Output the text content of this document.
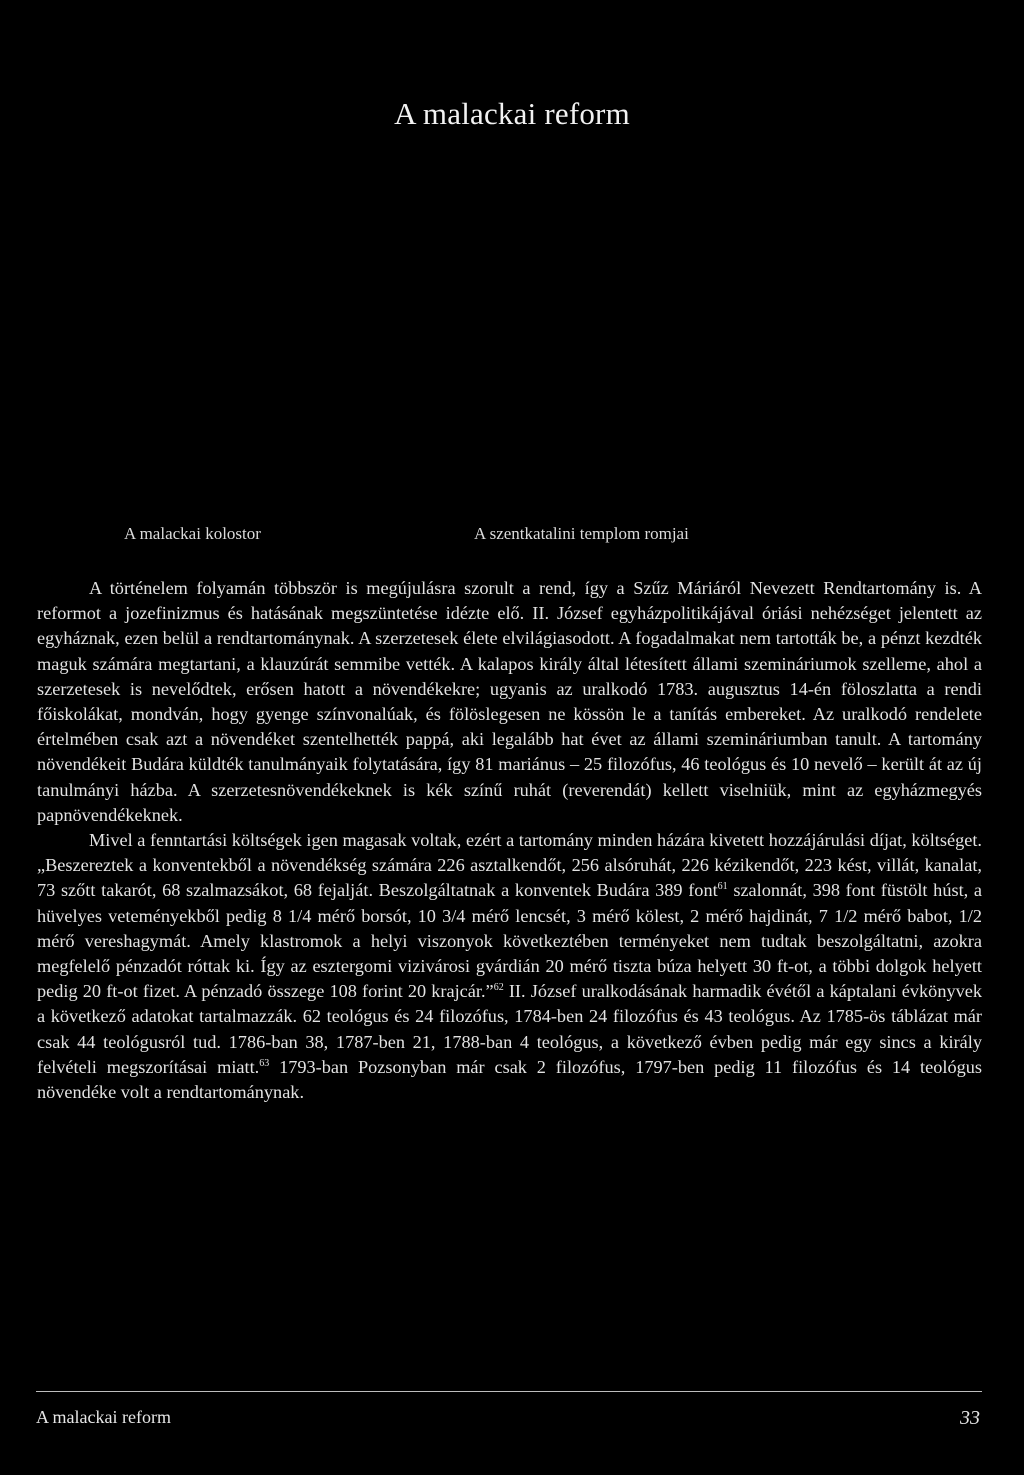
A malackai reform
A malackai kolostor	A szentkatalini templom romjai

A történelem folyamán többször is megújulásra szorult a rend, így a Szűz Máriáról Nevezett Rendtartomány is. A reformot a jozefinizmus és hatásának megszüntetése idézte elő. II. József egyházpolitikájával óriási nehézséget jelentett az egyháznak, ezen belül a rendtartománynak. A szerzetesek élete elvilágiasodott. A fogadalmakat nem tartották be, a pénzt kezdték maguk számára megtartani, a klauzúrát semmibe vették. A kalapos király által létesített állami szemináriumok szelleme, ahol a szerzetesek is nevelődtek, erősen hatott a növendékekre; ugyanis az uralkodó 1783. augusztus 14-én föloszlatta a rendi főiskolákat, mondván, hogy gyenge színvonalúak, és fölöslegesen ne kössön le a tanítás embereket. Az uralkodó rendelete értelmében csak azt a növendéket szentelhették pappá, aki legalább hat évet az állami szemináriumban tanult. A tartomány növendékeit Budára küldték tanulmányaik folytatására, így 81 mariánus – 25 filozófus, 46 teológus és 10 nevelő – került át az új tanulmányi házba. A szerzetesnövendékeknek is kék színű ruhát (reverendát) kellett viselniük, mint az egyházmegyés papnövendékeknek.

Mivel a fenntartási költségek igen magasak voltak, ezért a tartomány minden házára kivetett hozzájárulási díjat, költséget. „Beszereztek a konventekből a növendékség számára 226 asztalkendőt, 256 alsóruhát, 226 kézikendőt, 223 kést, villát, kanalat, 73 szőtt takarót, 68 szalmazsákot, 68 fejalját. Beszolgáltatnak a konventek Budára 389 font$^{61}$ szalonnát, 398 font füstölt húst, a hüvelyes veteményekből pedig 8 1/4 mérő borsót, 10 3/4 mérő lencsét, 3 mérő kölest, 2 mérő hajdinát, 7 1/2 mérő babot, 1/2 mérő vereshagymát. Amely klastromok a helyi viszonyok következtében terményeket nem tudtak beszolgáltatni, azokra megfelelő pénzadót róttak ki. Így az esztergomi vizivárosi gvárdián 20 mérő tiszta búza helyett 30 ft-ot, a többi dolgok helyett pedig 20 ft-ot fizet. A pénzadó összege 108 forint 20 krajcár.”$^{62}$ II. József uralkodásának harmadik évétől a káptalani évkönyvek a következő adatokat tartalmazzák. 62 teológus és 24 filozófus, 1784-ben 24 filozófus és 43 teológus. Az 1785-ös táblázat már csak 44 teológusról tud. 1786-ban 38, 1787-ben 21, 1788-ban 4 teológus, a következő évben pedig már egy sincs a király felvételi megszorításai miatt.$^{63}$ 1793-ban Pozsonyban már csak 2 filozófus, 1797-ben pedig 11 filozófus és 14 teológus növendéke volt a rendtartománynak.

A malackai reform	33
